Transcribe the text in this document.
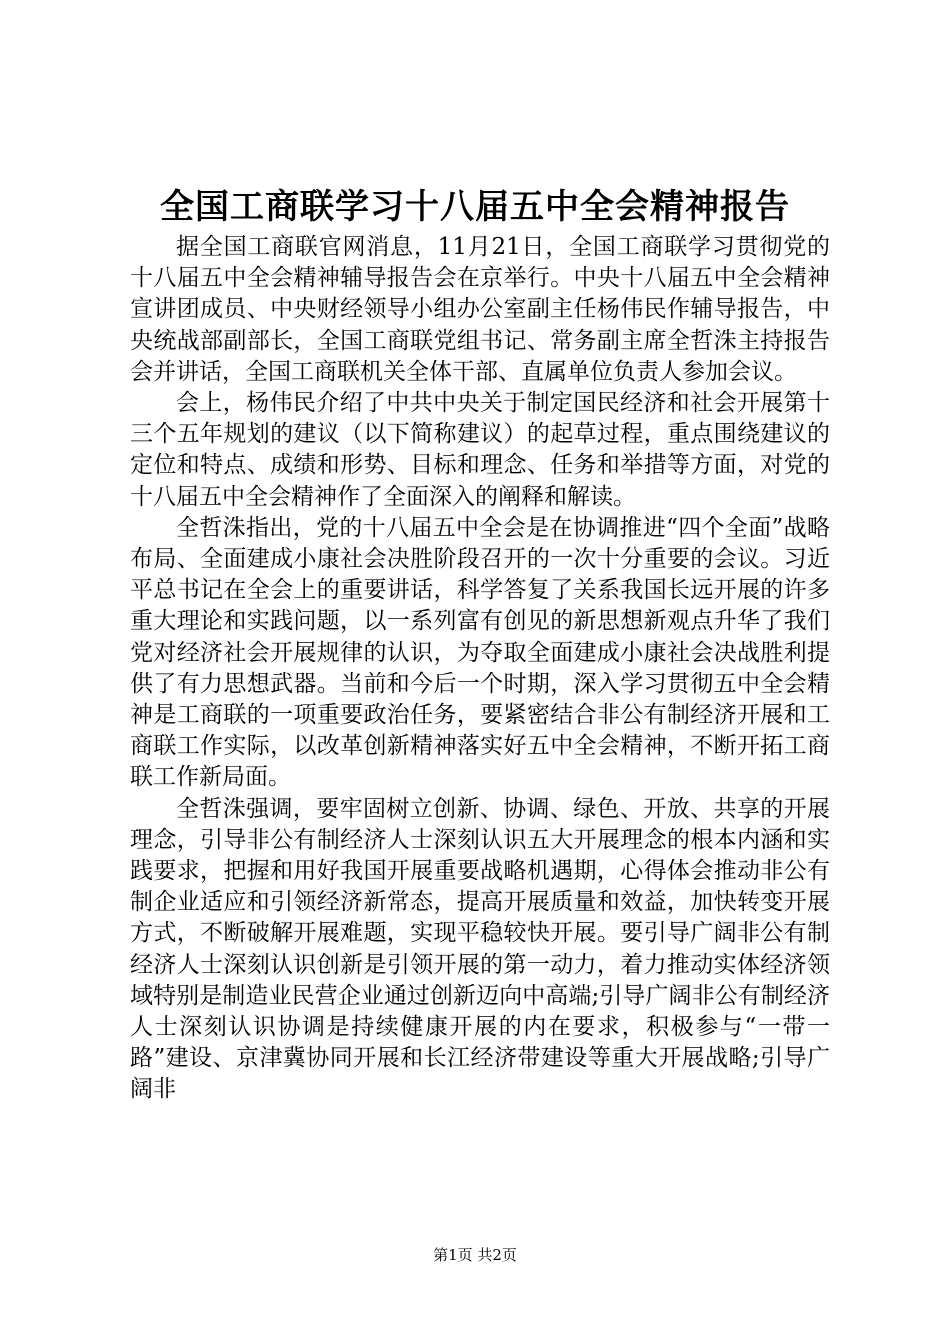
全国工商联学习十八届五中全会精神报告

据全国工商联官网消息，11月21日，全国工商联学习贯彻党的十八届五中全会精神辅导报告会在京举行。中央十八届五中全会精神宣讲团成员、中央财经领导小组办公室副主任杨伟民作辅导报告，中央统战部副部长，全国工商联党组书记、常务副主席全哲洙主持报告会并讲话，全国工商联机关全体干部、直属单位负责人参加会议。

会上，杨伟民介绍了中共中央关于制定国民经济和社会开展第十三个五年规划的建议（以下简称建议）的起草过程，重点围绕建议的定位和特点、成绩和形势、目标和理念、任务和举措等方面，对党的十八届五中全会精神作了全面深入的阐释和解读。

全哲洙指出，党的十八届五中全会是在协调推进“四个全面”战略布局、全面建成小康社会决胜阶段召开的一次十分重要的会议。习近平总书记在全会上的重要讲话，科学答复了关系我国长远开展的许多重大理论和实践问题，以一系列富有创见的新思想新观点升华了我们党对经济社会开展规律的认识，为夺取全面建成小康社会决战胜利提供了有力思想武器。当前和今后一个时期，深入学习贯彻五中全会精神是工商联的一项重要政治任务，要紧密结合非公有制经济开展和工商联工作实际，以改革创新精神落实好五中全会精神，不断开拓工商联工作新局面。

全哲洙强调，要牢固树立创新、协调、绿色、开放、共享的开展理念，引导非公有制经济人士深刻认识五大开展理念的根本内涵和实践要求，把握和用好我国开展重要战略机遇期，心得体会推动非公有制企业适应和引领经济新常态，提高开展质量和效益，加快转变开展方式，不断破解开展难题，实现平稳较快开展。要引导广阔非公有制经济人士深刻认识创新是引领开展的第一动力，着力推动实体经济领域特别是制造业民营企业通过创新迈向中高端;引导广阔非公有制经济人士深刻认识协调是持续健康开展的内在要求，积极参与“一带一路”建设、京津冀协同开展和长江经济带建设等重大开展战略;引导广阔非

第1页 共2页
